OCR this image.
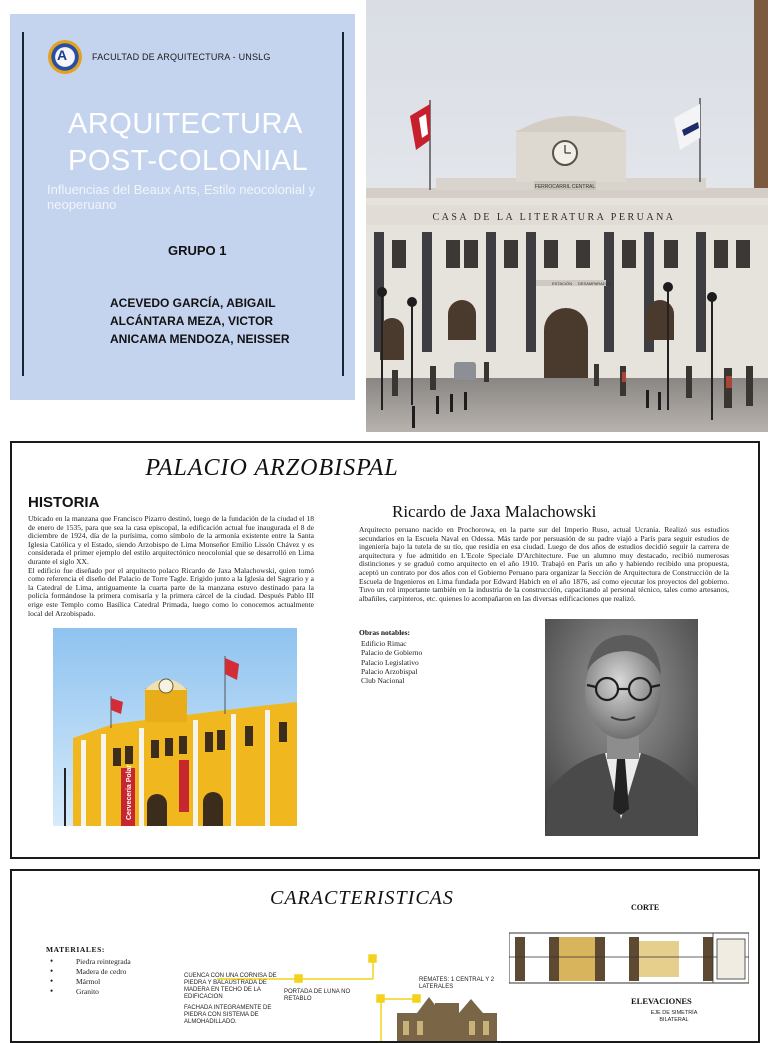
A	FACULTAD DE ARQUITECTURA - UNSLG
ARQUITECTURA
POST-COLONIAL
Influencias del Beaux Arts, Estilo neocolonial y neoperuano
GRUPO 1
ACEVEDO GARCÍA, ABIGAIL
ALCÁNTARA MEZA, VICTOR
ANICAMA MENDOZA, NEISSER
FERROCARRIL CENTRAL
CASA DE LA LITERATURA PERUANA
ESTACIÓN DESAMPARADOS
PALACIO ARZOBISPAL
HISTORIA

Ubicado en la manzana que Francisco Pizarro destinó, luego de la fundación de la ciudad el 18 de enero de 1535, para que sea la casa episcopal, la edificación actual fue inaugurada el 8 de diciembre de 1924, día de la purísima, como símbolo de la armonía existente entre la Santa Iglesia Católica y el Estado, siendo Arzobispo de Lima Monseñor Emilio Lissón Chávez y es considerada el primer ejemplo del estilo arquitectónico neocolonial que se desarrolló en Lima durante el siglo XX.

El edificio fue diseñado por el arquitecto polaco Ricardo de Jaxa Malachowski, quien tomó como referencia el diseño del Palacio de Torre Tagle. Erigido junto a la Iglesia del Sagrario y a la Catedral de Lima, antiguamente la cuarta parte de la manzana estuvo destinado para la policía formándose la primera comisaría y la primera cárcel de la ciudad. Después Pablo III erige este Templo como Basílica Catedral Primada, luego como lo conocemos actualmente local del Arzobispado.

Ricardo de Jaxa Malachowski
Arquitecto peruano nacido en Prochorowa, en la parte sur del Imperio Ruso, actual Ucrania. Realizó sus estudios secundarios en la Escuela Naval en Odessa. Más tarde por persuasión de su padre viajó a París para seguir estudios de ingeniería bajo la tutela de su tío, que residía en esa ciudad. Luego de dos años de estudios decidió seguir la carrera de arquitectura y fue admitido en L'Ecole Speciale D'Architecture. Fue un alumno muy destacado, recibió numerosas distinciones y se graduó como arquitecto en el año 1910. Trabajó en París un año y habiendo recibido una propuesta, aceptó un contrato por dos años con el Gobierno Peruano para organizar la Sección de Arquitectura de Construcción de la Escuela de Ingenieros en Lima fundada por Edward Habich en el año 1876, así como ejecutar los proyectos del gobierno. Tuvo un rol importante también en la industria de la construcción, capacitando al personal técnico, tales como artesanos, albañiles, carpinteros, etc. quienes lo acompañaron en las diversas edificaciones que realizó.
Obras notables:
Edificio Rimac
Palacio de Gobierno
Palacio Legislativo
Palacio Arzobispal
Club Nacional
Cerveceria Polar
CARACTERISTICAS
MATERIALES:
• Piedra reintegrada
• Madera de cedro
• Mármol
• Granito
CUENCA CON UNA CORNISA DE PIEDRA Y BALAUSTRADA DE MADERA EN TECHO DE LA EDIFICACION
PORTADA DE LUNA NO RETABLO
REMATES: 1 CENTRAL Y 2 LATERALES
FACHADA INTEGRAMENTE DE PIEDRA CON SISTEMA DE ALMOHADILLADO.
CORTE
ELEVACIONES
EJE DE SIMETRÍA BILATERAL
